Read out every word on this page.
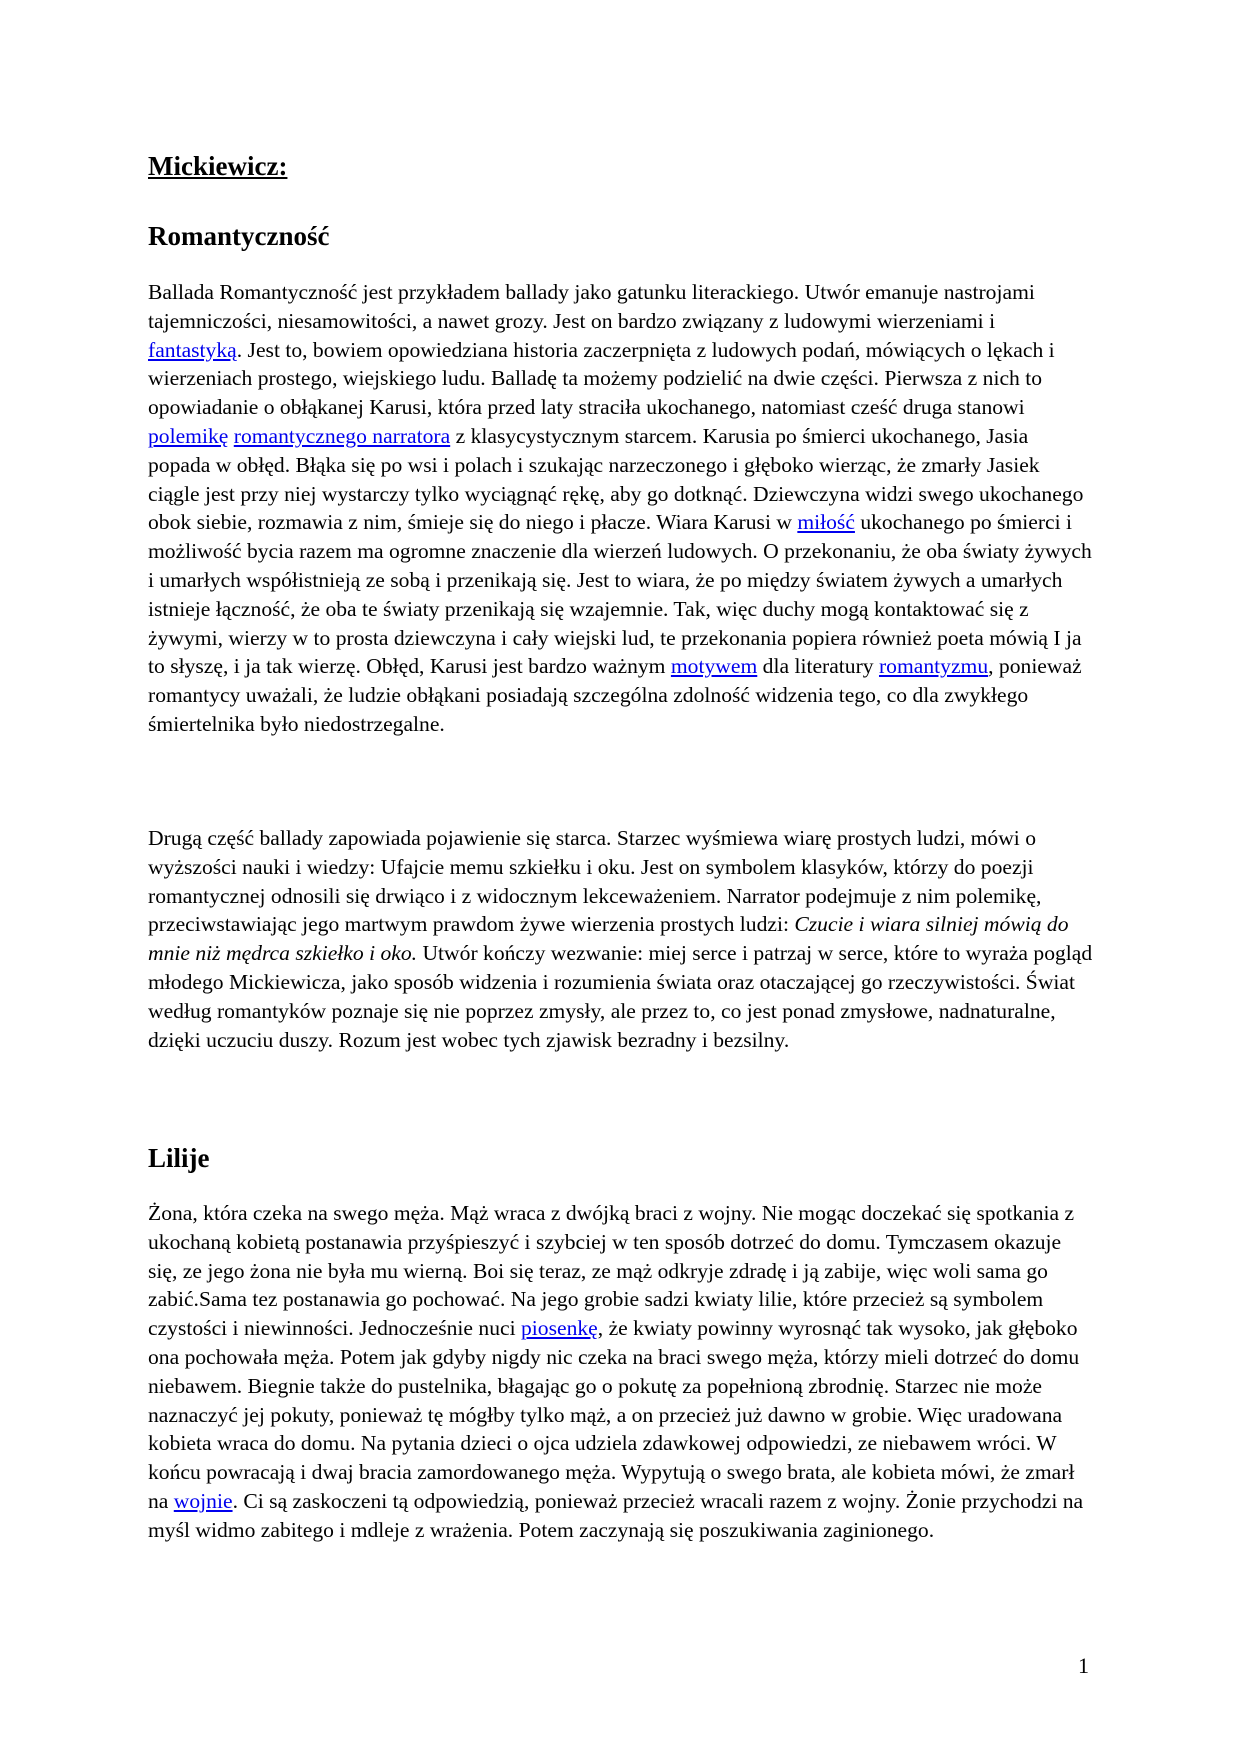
Mickiewicz:
Romantyczność

Ballada Romantyczność jest przykładem ballady jako gatunku literackiego. Utwór emanuje nastrojami tajemniczości, niesamowitości, a nawet grozy. Jest on bardzo związany z ludowymi wierzeniami i fantastyką. Jest to, bowiem opowiedziana historia zaczerpnięta z ludowych podań, mówiących o lękach i wierzeniach prostego, wiejskiego ludu. Balladę ta możemy podzielić na dwie części. Pierwsza z nich to opowiadanie o obłąkanej Karusi, która przed laty straciła ukochanego, natomiast cześć druga stanowi polemikę romantycznego narratora z klasycystycznym starcem. Karusia po śmierci ukochanego, Jasia popada w obłęd. Błąka się po wsi i polach i szukając narzeczonego i głęboko wierząc, że zmarły Jasiek ciągle jest przy niej wystarczy tylko wyciągnąć rękę, aby go dotknąć. Dziewczyna widzi swego ukochanego obok siebie, rozmawia z nim, śmieje się do niego i płacze. Wiara Karusi w miłość ukochanego po śmierci i możliwość bycia razem ma ogromne znaczenie dla wierzeń ludowych. O przekonaniu, że oba światy żywych i umarłych współistnieją ze sobą i przenikają się. Jest to wiara, że po między światem żywych a umarłych istnieje łączność, że oba te światy przenikają się wzajemnie. Tak, więc duchy mogą kontaktować się z żywymi, wierzy w to prosta dziewczyna i cały wiejski lud, te przekonania popiera również poeta mówią I ja to słyszę, i ja tak wierzę. Obłęd, Karusi jest bardzo ważnym motywem dla literatury romantyzmu, ponieważ romantycy uważali, że ludzie obłąkani posiadają szczególna zdolność widzenia tego, co dla zwykłego śmiertelnika było niedostrzegalne.

Drugą część ballady zapowiada pojawienie się starca. Starzec wyśmiewa wiarę prostych ludzi, mówi o wyższości nauki i wiedzy: Ufajcie memu szkiełku i oku. Jest on symbolem klasyków, którzy do poezji romantycznej odnosili się drwiąco i z widocznym lekceważeniem. Narrator podejmuje z nim polemikę, przeciwstawiając jego martwym prawdom żywe wierzenia prostych ludzi: Czucie i wiara silniej mówią do mnie niż mędrca szkiełko i oko. Utwór kończy wezwanie: miej serce i patrzaj w serce, które to wyraża pogląd młodego Mickiewicza, jako sposób widzenia i rozumienia świata oraz otaczającej go rzeczywistości. Świat według romantyków poznaje się nie poprzez zmysły, ale przez to, co jest ponad zmysłowe, nadnaturalne, dzięki uczuciu duszy. Rozum jest wobec tych zjawisk bezradny i bezsilny.

Lilije

Żona, która czeka na swego męża. Mąż wraca z dwójką braci z wojny. Nie mogąc doczekać się spotkania z ukochaną kobietą postanawia przyśpieszyć i szybciej w ten sposób dotrzeć do domu. Tymczasem okazuje się, ze jego żona nie była mu wierną. Boi się teraz, ze mąż odkryje zdradę i ją zabije, więc woli sama go zabić.Sama tez postanawia go pochować. Na jego grobie sadzi kwiaty lilie, które przecież są symbolem czystości i niewinności. Jednocześnie nuci piosenkę, że kwiaty powinny wyrosnąć tak wysoko, jak głęboko ona pochowała męża. Potem jak gdyby nigdy nic czeka na braci swego męża, którzy mieli dotrzeć do domu niebawem. Biegnie także do pustelnika, błagając go o pokutę za popełnioną zbrodnię. Starzec nie może naznaczyć jej pokuty, ponieważ tę mógłby tylko mąż, a on przecież już dawno w grobie. Więc uradowana kobieta wraca do domu. Na pytania dzieci o ojca udziela zdawkowej odpowiedzi, ze niebawem wróci. W końcu powracają i dwaj bracia zamordowanego męża. Wypytują o swego brata, ale kobieta mówi, że zmarł na wojnie. Ci są zaskoczeni tą odpowiedzią, ponieważ przecież wracali razem z wojny. Żonie przychodzi na myśl widmo zabitego i mdleje z wrażenia. Potem zaczynają się poszukiwania zaginionego.

1
